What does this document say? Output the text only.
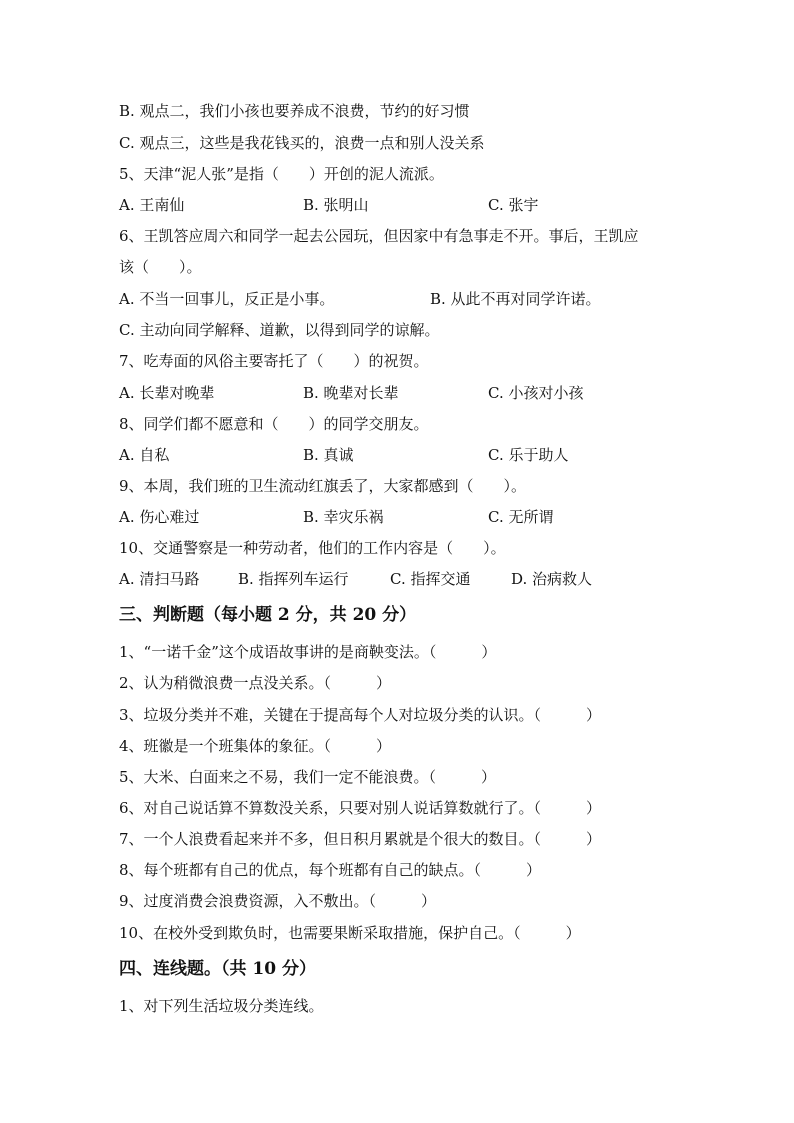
B. 观点二，我们小孩也要养成不浪费，节约的好习惯
C. 观点三，这些是我花钱买的，浪费一点和别人没关系
5、天津“泥人张”是指（　　）开创的泥人流派。
A. 王南仙	B. 张明山	C. 张宇
6、王凯答应周六和同学一起去公园玩，但因家中有急事走不开。事后，王凯应
该（　　）。
A. 不当一回事儿，反正是小事。	B. 从此不再对同学许诺。
C. 主动向同学解释、道歉，以得到同学的谅解。
7、吃寿面的风俗主要寄托了（　　）的祝贺。
A. 长辈对晚辈	B. 晚辈对长辈	C. 小孩对小孩
8、同学们都不愿意和（　　）的同学交朋友。
A. 自私	B. 真诚	C. 乐于助人
9、本周，我们班的卫生流动红旗丢了，大家都感到（　　）。
A. 伤心难过	B. 幸灾乐祸	C. 无所谓
10、交通警察是一种劳动者，他们的工作内容是（　　）。
A. 清扫马路	B. 指挥列车运行	C. 指挥交通	D. 治病救人
三、判断题（每小题 2 分，共 20 分）
1、“一诺千金”这个成语故事讲的是商鞅变法。（　　　）
2、认为稍微浪费一点没关系。（　　　）
3、垃圾分类并不难，关键在于提高每个人对垃圾分类的认识。（　　　）
4、班徽是一个班集体的象征。（　　　）
5、大米、白面来之不易，我们一定不能浪费。（　　　）
6、对自己说话算不算数没关系，只要对别人说话算数就行了。（　　　）
7、一个人浪费看起来并不多，但日积月累就是个很大的数目。（　　　）
8、每个班都有自己的优点，每个班都有自己的缺点。（　　　）
9、过度消费会浪费资源，入不敷出。（　　　）
10、在校外受到欺负时，也需要果断采取措施，保护自己。（　　　）
四、连线题。（共 10 分）
1、对下列生活垃圾分类连线。
